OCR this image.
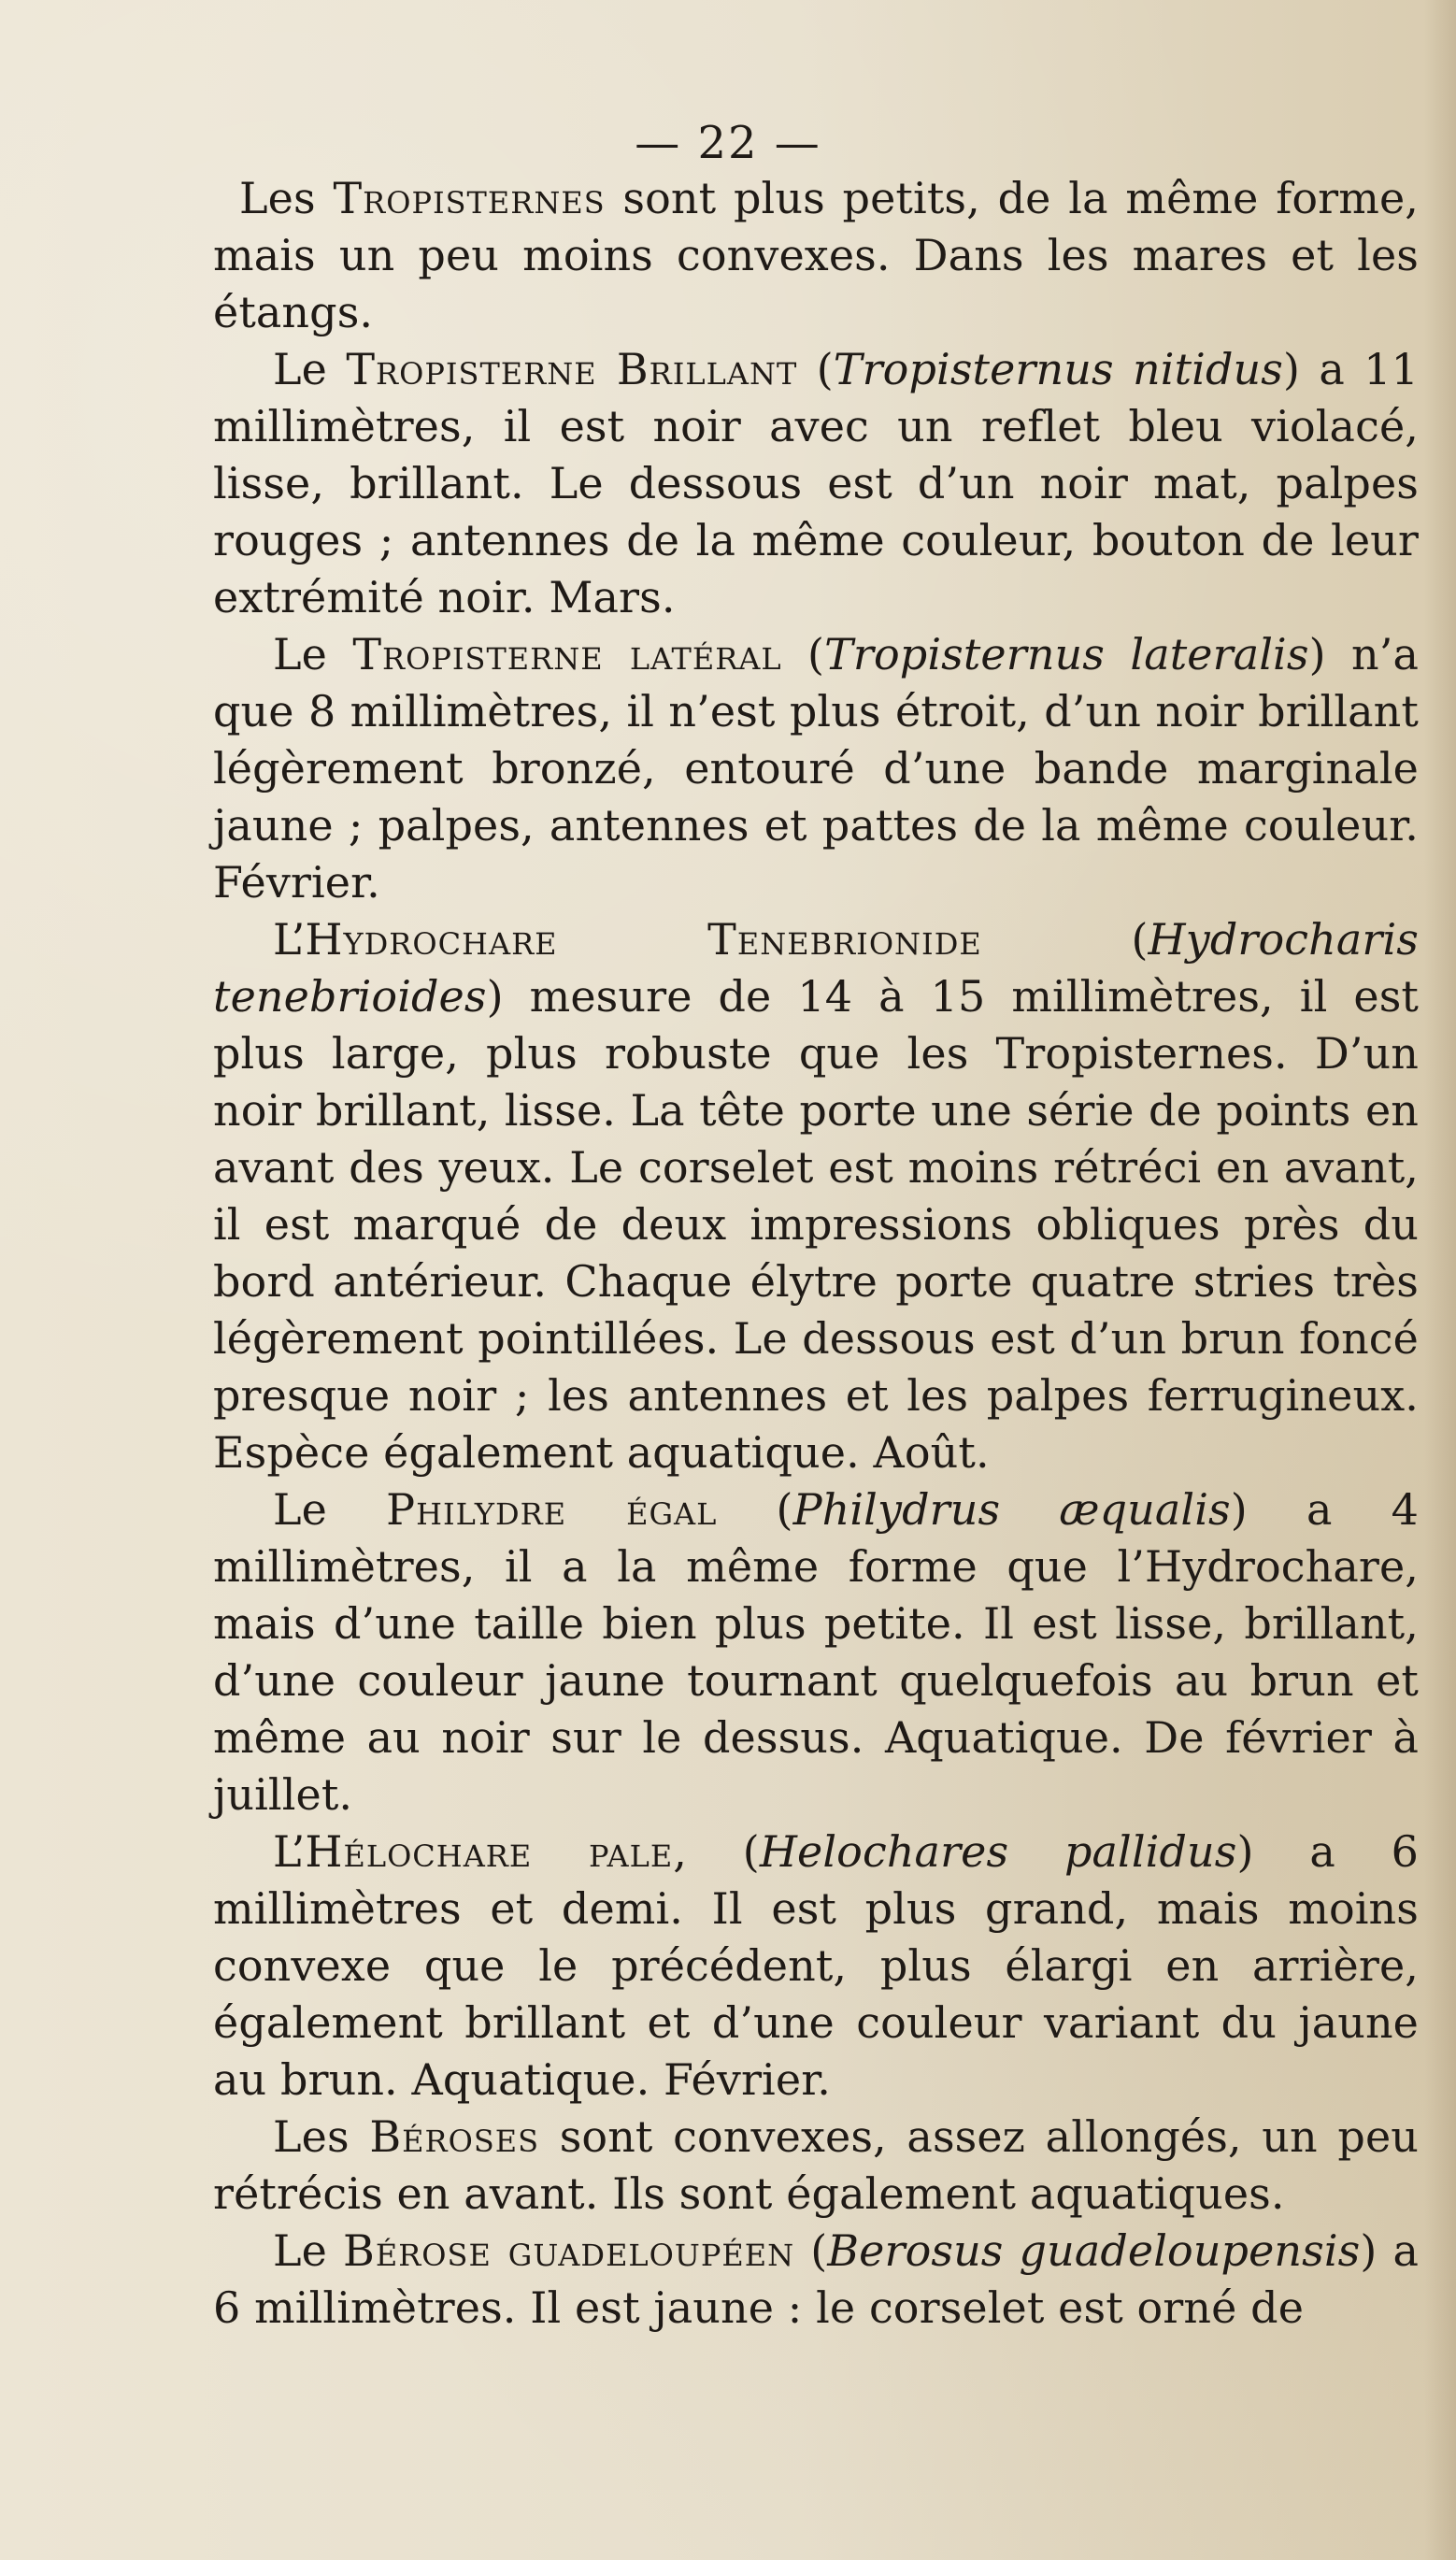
— 22 —

Les Tropisternes sont plus petits, de la même forme, mais un peu moins convexes. Dans les mares et les étangs.

Le Tropisterne Brillant (Tropisternus nitidus) a 11 millimètres, il est noir avec un reflet bleu violacé, lisse, brillant. Le dessous est d’un noir mat, palpes rouges ; antennes de la même couleur, bouton de leur extrémité noir. Mars.

Le Tropisterne latéral (Tropisternus lateralis) n’a que 8 millimètres, il n’est plus étroit, d’un noir brillant légèrement bronzé, entouré d’une bande marginale jaune ; palpes, antennes et pattes de la même couleur. Février.

L’Hydrochare Tenebrionide (Hydrocharis tenebrioides) mesure de 14 à 15 millimètres, il est plus large, plus robuste que les Tropisternes. D’un noir brillant, lisse. La tête porte une série de points en avant des yeux. Le corselet est moins rétréci en avant, il est marqué de deux impressions obliques près du bord antérieur. Chaque élytre porte quatre stries très légèrement pointillées. Le dessous est d’un brun foncé presque noir ; les antennes et les palpes ferrugineux. Espèce également aquatique. Août.

Le Philydre égal (Philydrus æqualis) a 4 millimètres, il a la même forme que l’Hydrochare, mais d’une taille bien plus petite. Il est lisse, brillant, d’une couleur jaune tournant quelquefois au brun et même au noir sur le dessus. Aquatique. De février à juillet.

L’Hélochare pale, (Helochares pallidus) a 6 millimètres et demi. Il est plus grand, mais moins convexe que le précédent, plus élargi en arrière, également brillant et d’une couleur variant du jaune au brun. Aquatique. Février.

Les Béroses sont convexes, assez allongés, un peu rétrécis en avant. Ils sont également aquatiques.

Le Bérose guadeloupéen (Berosus guadeloupensis) a 6 millimètres. Il est jaune : le corselet est orné de
